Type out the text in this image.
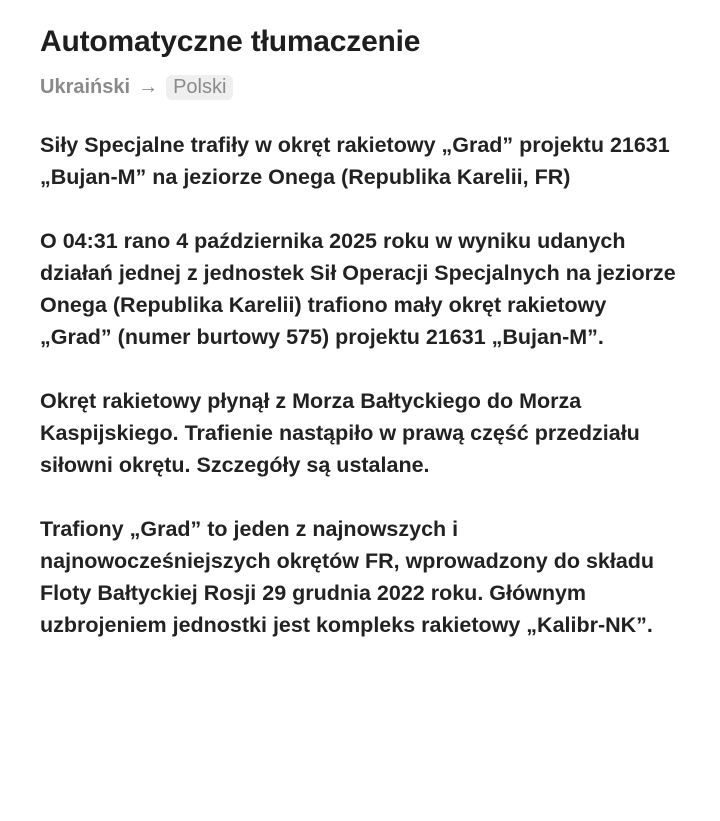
Automatyczne tłumaczenie
Ukraiński → Polski

Siły Specjalne trafiły w okręt rakietowy „Grad” projektu 21631 „Bujan-M” na jeziorze Onega (Republika Karelii, FR)

O 04:31 rano 4 października 2025 roku w wyniku udanych działań jednej z jednostek Sił Operacji Specjalnych na jeziorze Onega (Republika Karelii) trafiono mały okręt rakietowy „Grad” (numer burtowy 575) projektu 21631 „Bujan-M”.

Okręt rakietowy płynął z Morza Bałtyckiego do Morza Kaspijskiego. Trafienie nastąpiło w prawą część przedziału siłowni okrętu. Szczegóły są ustalane.

Trafiony „Grad” to jeden z najnowszych i najnowocześniejszych okrętów FR, wprowadzony do składu Floty Bałtyckiej Rosji 29 grudnia 2022 roku. Głównym uzbrojeniem jednostki jest kompleks rakietowy „Kalibr-NK”.
